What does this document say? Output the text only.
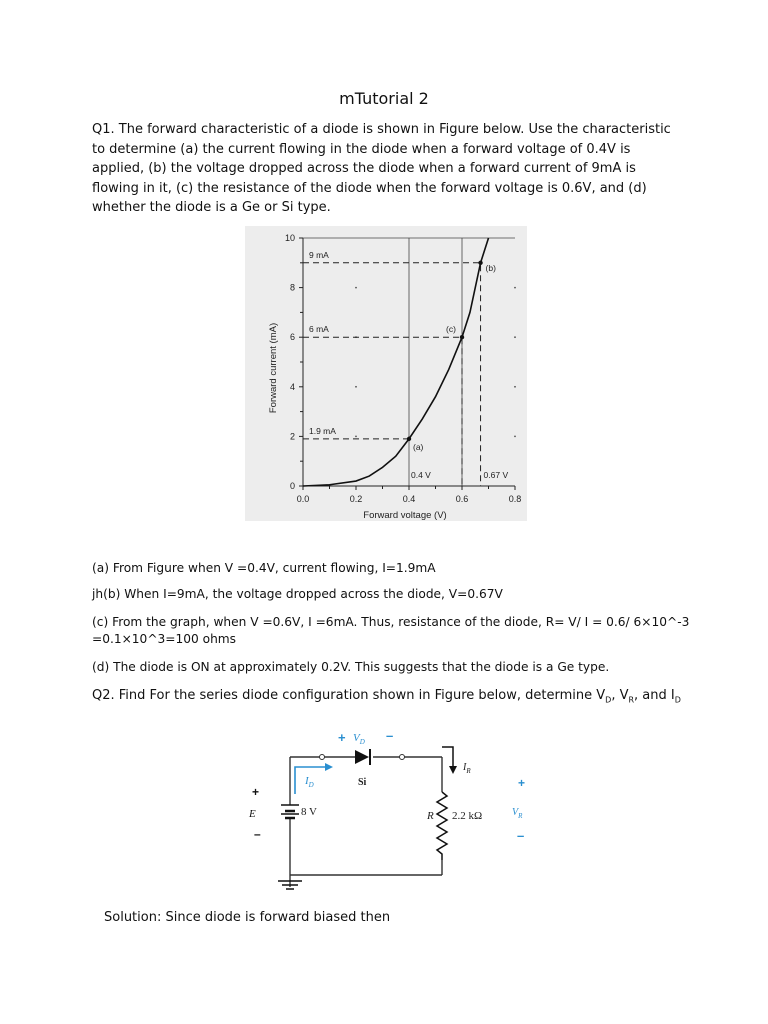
mTutorial 2
Q1. The forward characteristic of a diode is shown in Figure below. Use the characteristic to determine (a) the current flowing in the diode when a forward voltage of 0.4V is applied, (b) the voltage dropped across the diode when a forward current of 9mA is flowing in it, (c) the resistance of the diode when the forward voltage is 0.6V, and (d) whether the diode is a Ge or Si type.
0.0	0.2	0.4	0.6	0.8
0
2
4
6
8
10
9 mA
(b)
6 mA	(c)
1.9 mA
(a)
0.4 V	0.67 V
Forward voltage (V)
Forward current (mA)
(a) From Figure when V =0.4V, current flowing, I=1.9mA
jh(b) When I=9mA, the voltage dropped across the diode, V=0.67V
(c) From the graph, when V =0.6V, I =6mA. Thus, resistance of the diode, R= V/ I = 0.6/ 6×10^-3 =0.1×10^3=100 ohms
(d) The diode is ON at approximately 0.2V. This suggests that the diode is a Ge type.
Q2. Find For the series diode configuration shown in Figure below, determine $V_D$, $V_R$, and $I_D$
Si
+ $V_D$ –
$I_D$
$I_R$
R 2.2 kΩ
+
$V_R$
–
+
E
–
8 V
Solution: Since diode is forward biased then
